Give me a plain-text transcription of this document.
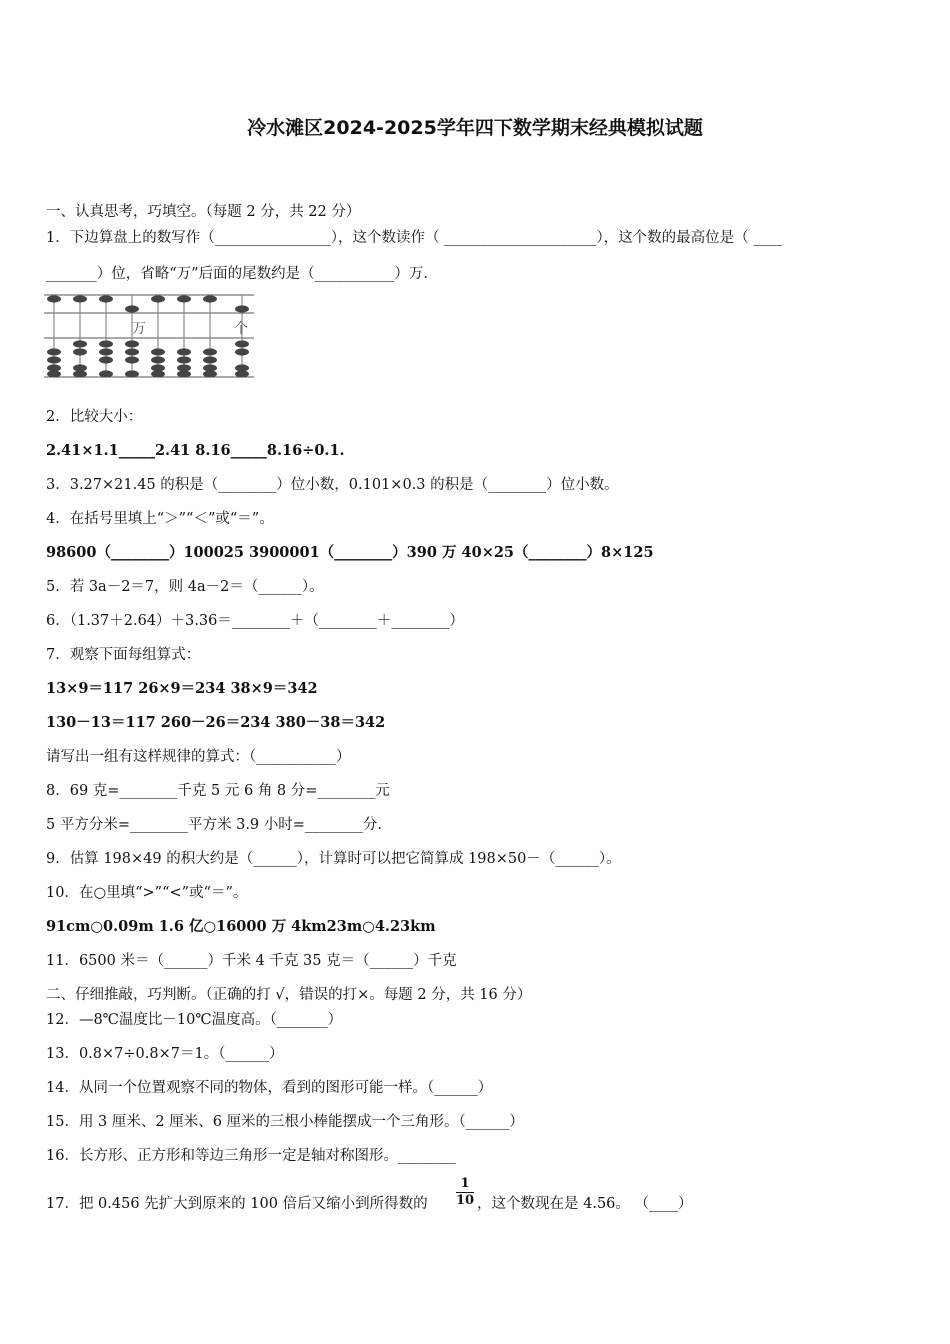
冷水滩区2024-2025学年四下数学期末经典模拟试题
一、认真思考，巧填空。（每题 2 分，共 22 分）
1．下边算盘上的数写作（________________），这个数读作（ _____________________），这个数的最高位是（ ____
_______）位，省略“万”后面的尾数约是（___________）万.
万	个
2．比较大小：
2.41×1.1_____2.41 8.16_____8.16÷0.1.
3．3.27×21.45 的积是（________）位小数，0.101×0.3 的积是（________）位小数。
4．在括号里填上“＞”“＜”或“＝”。
98600（________）100025 3900001（________）390 万 40×25（________）8×125
5．若 3a－2＝7，则 4a－2＝（______）。
6．（1.37＋2.64）＋3.36＝________＋（________＋________）
7．观察下面每组算式：
13×9＝117 26×9＝234 38×9＝342
130－13＝117 260－26＝234 380－38＝342
请写出一组有这样规律的算式：（___________）
8．69 克=________千克 5 元 6 角 8 分=________元
5 平方分米=________平方米 3.9 小时=________分.
9．估算 198×49 的积大约是（______），计算时可以把它简算成 198×50－（______）。
10．在○里填“>”“<”或“＝”。
91cm○0.09m 1.6 亿○16000 万 4km23m○4.23km
11．6500 米＝（______）千米 4 千克 35 克＝（______）千克
二、仔细推敲，巧判断。（正确的打 √，错误的打×。每题 2 分，共 16 分）
12．—8℃温度比－10℃温度高。（_______）
13．0.8×7÷0.8×7＝1。（______）
14．从同一个位置观察不同的物体，看到的图形可能一样。（______）
15．用 3 厘米、2 厘米、6 厘米的三根小棒能摆成一个三角形。（______）
16．长方形、正方形和等边三角形一定是轴对称图形。________
17．把 0.456 先扩大到原来的 100 倍后又缩小到所得数的
1
10 ，这个数现在是 4.56。 （____）
